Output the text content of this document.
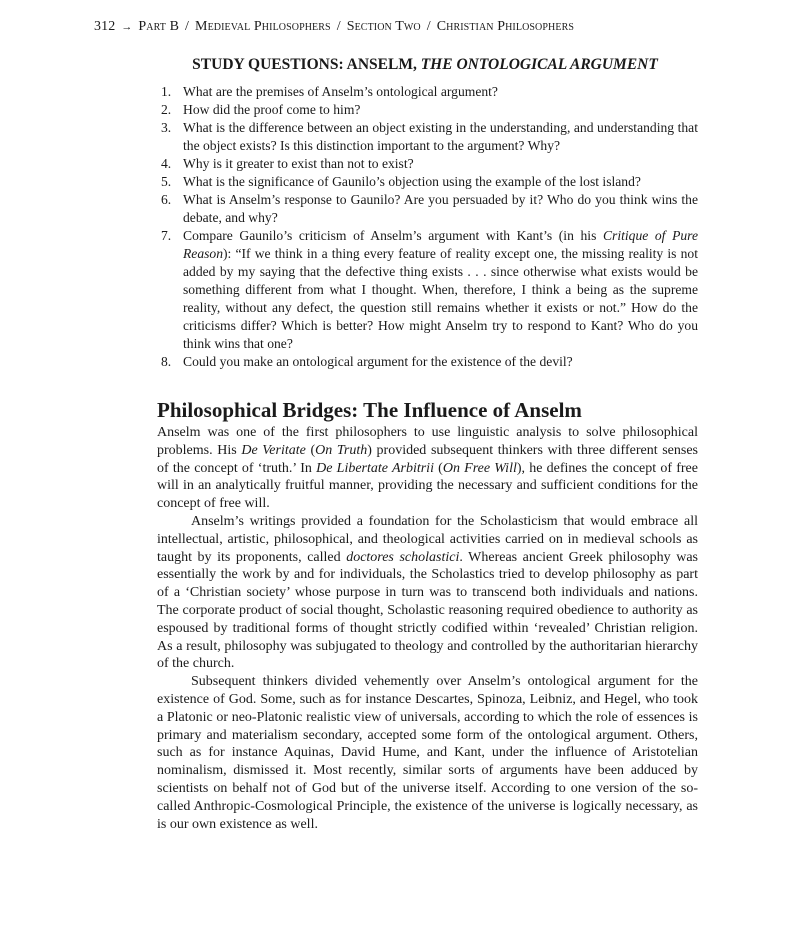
312 → Part B / Medieval Philosophers / Section Two / Christian Philosophers
STUDY QUESTIONS: ANSELM, THE ONTOLOGICAL ARGUMENT
1. What are the premises of Anselm’s ontological argument?
2. How did the proof come to him?
3. What is the difference between an object existing in the understanding, and understanding that the object exists? Is this distinction important to the argument? Why?
4. Why is it greater to exist than not to exist?
5. What is the significance of Gaunilo’s objection using the example of the lost island?
6. What is Anselm’s response to Gaunilo? Are you persuaded by it? Who do you think wins the debate, and why?
7. Compare Gaunilo’s criticism of Anselm’s argument with Kant’s (in his Critique of Pure Reason): “If we think in a thing every feature of reality except one, the missing reality is not added by my saying that the defective thing exists . . . since otherwise what exists would be something different from what I thought. When, therefore, I think a being as the supreme reality, without any defect, the question still remains whether it exists or not.” How do the criticisms differ? Which is better? How might Anselm try to respond to Kant? Who do you think wins that one?
8. Could you make an ontological argument for the existence of the devil?
Philosophical Bridges: The Influence of Anselm

Anselm was one of the first philosophers to use linguistic analysis to solve philosophical problems. His De Veritate (On Truth) provided subsequent thinkers with three different senses of the concept of ‘truth.’ In De Libertate Arbitrii (On Free Will), he defines the concept of free will in an analytically fruitful manner, providing the necessary and sufficient conditions for the concept of free will.

Anselm’s writings provided a foundation for the Scholasticism that would embrace all intellectual, artistic, philosophical, and theological activities carried on in medieval schools as taught by its proponents, called doctores scholastici. Whereas ancient Greek philosophy was essentially the work by and for individuals, the Scholastics tried to develop philosophy as part of a ‘Christian society’ whose purpose in turn was to transcend both individuals and nations. The corporate product of social thought, Scholastic reasoning required obedience to authority as espoused by traditional forms of thought strictly codified within ‘revealed’ Christian religion. As a result, philosophy was subjugated to theology and controlled by the authoritarian hierarchy of the church.

Subsequent thinkers divided vehemently over Anselm’s ontological argument for the existence of God. Some, such as for instance Descartes, Spinoza, Leibniz, and Hegel, who took a Platonic or neo-Platonic realistic view of universals, according to which the role of essences is primary and materialism secondary, accepted some form of the ontological argument. Others, such as for instance Aquinas, David Hume, and Kant, under the influence of Aristotelian nominalism, dismissed it. Most recently, similar sorts of arguments have been adduced by scientists on behalf not of God but of the universe itself. According to one version of the so-called Anthropic-Cosmological Principle, the existence of the universe is logically necessary, as is our own existence as well.
